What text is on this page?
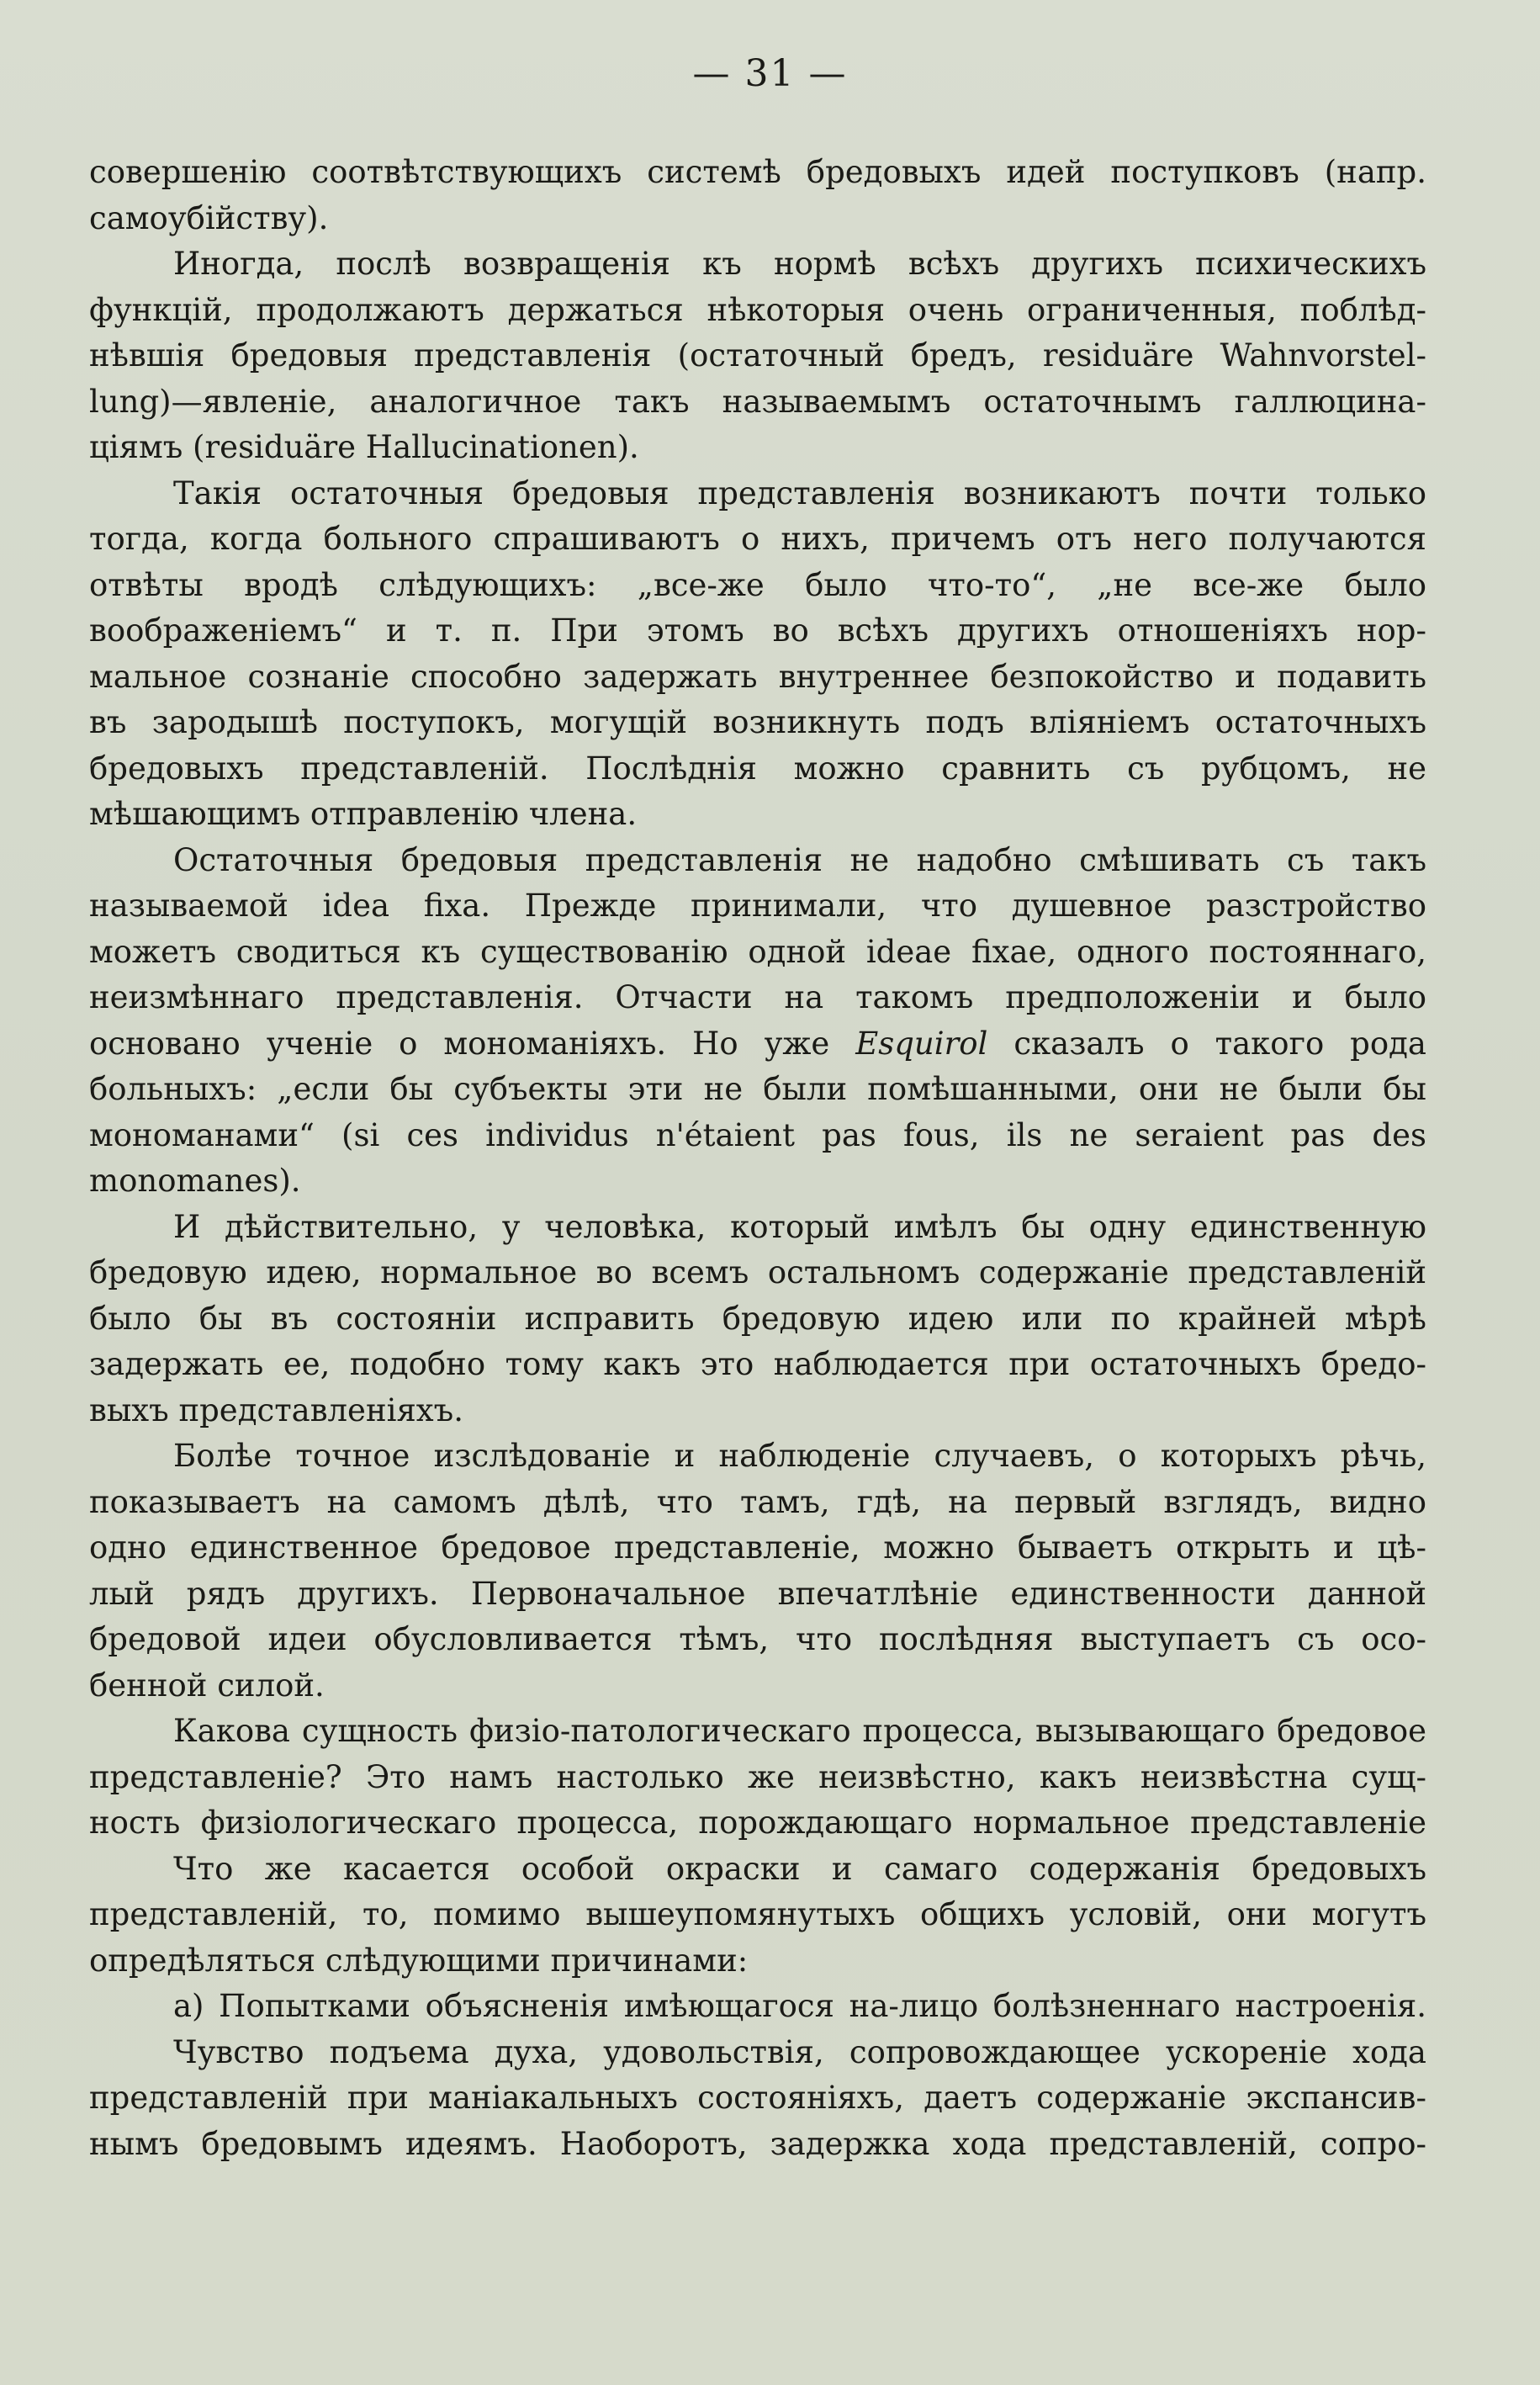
— 31 —
совершенію соотвѣтствующихъ системѣ бредовыхъ идей поступковъ (напр.
самоубійству).
Иногда, послѣ возвращенія къ нормѣ всѣхъ другихъ психическихъ
функцій, продолжаютъ держаться нѣкоторыя очень ограниченныя, поблѣд-
нѣвшія бредовыя представленія (остаточный бредъ, residuäre Wahnvorstel-
lung)—явленіе, аналогичное такъ называемымъ остаточнымъ галлюцина-
ціямъ (residuäre Hallucinationen).
Такія остаточныя бредовыя представленія возникаютъ почти только
тогда, когда больного спрашиваютъ о нихъ, причемъ отъ него получаются
отвѣты вродѣ слѣдующихъ: „все-же было что-то“, „не все-же было
воображеніемъ“ и т. п. При этомъ во всѣхъ другихъ отношеніяхъ нор-
мальное сознаніе способно задержать внутреннее безпокойство и подавить
въ зародышѣ поступокъ, могущій возникнуть подъ вліяніемъ остаточныхъ
бредовыхъ представленій. Послѣднія можно сравнить съ рубцомъ, не
мѣшающимъ отправленію члена.
Остаточныя бредовыя представленія не надобно смѣшивать съ такъ
называемой idea fixa. Прежде принимали, что душевное разстройство
можетъ сводиться къ существованію одной ideae fixae, одного постояннаго,
неизмѣннаго представленія. Отчасти на такомъ предположеніи и было
основано ученіе о мономаніяхъ. Но уже Esquirol сказалъ о такого рода
больныхъ: „если бы субъекты эти не были помѣшанными, они не были бы
мономанами“ (si ces individus n'étaient pas fous, ils ne seraient pas des
monomanes).
И дѣйствительно, у человѣка, который имѣлъ бы одну единственную
бредовую идею, нормальное во всемъ остальномъ содержаніе представленій
было бы въ состояніи исправить бредовую идею или по крайней мѣрѣ
задержать ее, подобно тому какъ это наблюдается при остаточныхъ бредо-
выхъ представленіяхъ.
Болѣе точное изслѣдованіе и наблюденіе случаевъ, о которыхъ рѣчь,
показываетъ на самомъ дѣлѣ, что тамъ, гдѣ, на первый взглядъ, видно
одно единственное бредовое представленіе, можно бываетъ открыть и цѣ-
лый рядъ другихъ. Первоначальное впечатлѣніе единственности данной
бредовой идеи обусловливается тѣмъ, что послѣдняя выступаетъ съ осо-
бенной силой.
Какова сущность физіо-патологическаго процесса, вызывающаго бредовое
представленіе? Это намъ настолько же неизвѣстно, какъ неизвѣстна сущ-
ность физіологическаго процесса, порождающаго нормальное представленіе
Что же касается особой окраски и самаго содержанія бредовыхъ
представленій, то, помимо вышеупомянутыхъ общихъ условій, они могутъ
опредѣляться слѣдующими причинами:
а) Попытками объясненія имѣющагося на-лицо болѣзненнаго настроенія.
Чувство подъема духа, удовольствія, сопровождающее ускореніе хода
представленій при маніакальныхъ состояніяхъ, даетъ содержаніе экспансив-
нымъ бредовымъ идеямъ. Наоборотъ, задержка хода представленій, сопро-
